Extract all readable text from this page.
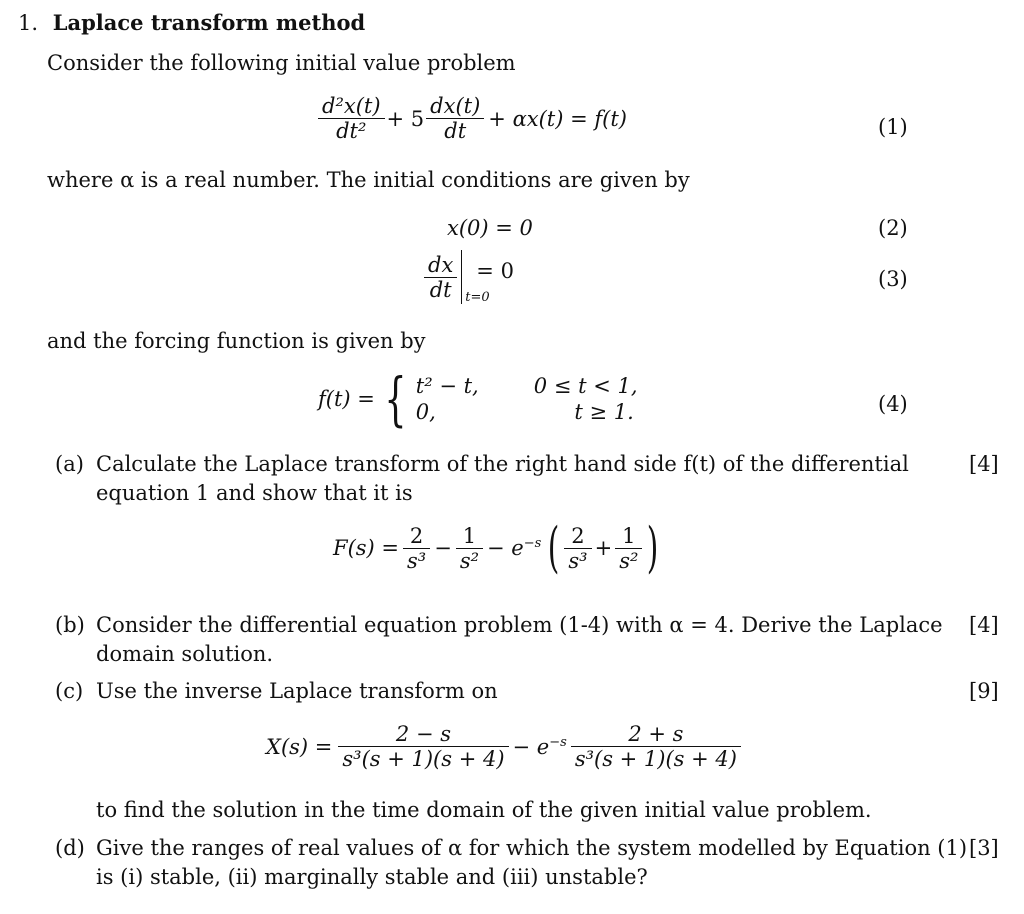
1. Laplace transform method
Consider the following initial value problem
$\frac{\text{d²x(t)}}{\text{dt²}} + 5 \frac{dx(t)}{dt} + \alpha x(t) = f(t)$	(1)
where α is a real number. The initial conditions are given by
x(0) = 0	(2)
$\frac{dx}{dt} t=0$
= 0	(3)
and the forcing function is given by
f(t) = { t² − t,	0 ≤ t < 1,
0,	t ≥ 1.	(4)
(a) Calculate the Laplace transform of the right hand side f(t) of the differential
equation 1 and show that it is
[4]
$F(s) = \frac{2}{\text{s³}} - \frac{1}{\text{s²}} - e^{-s}$ ( $\frac{2}{\text{s³}} + \frac{1}{\text{s²}}$ )
(b) Consider the differential equation problem (1-4) with α = 4. Derive the Laplace
domain solution.
[4]
(c) Use the inverse Laplace transform on	[9]
$X(s) = \frac{2 - s}{\text{s³(s + 1)(s + 4)}} - e^{-s} \frac{2 + s}{\text{s³(s + 1)(s + 4)}}$
to find the solution in the time domain of the given initial value problem.
(d) Give the ranges of real values of α for which the system modelled by Equation (1)
is (i) stable, (ii) marginally stable and (iii) unstable?
[3]
